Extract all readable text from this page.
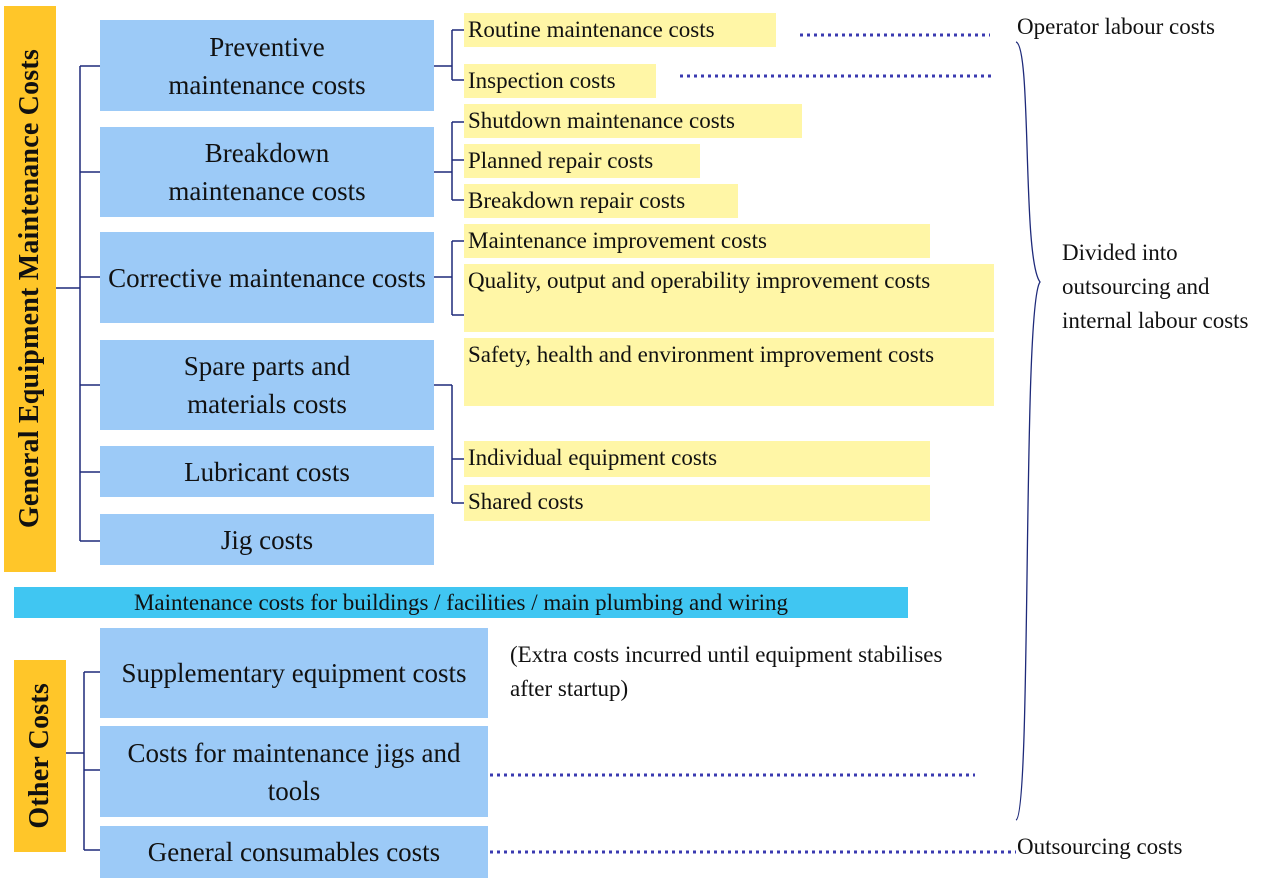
General Equipment Maintenance Costs
Preventive maintenance costs
Breakdown maintenance costs
Corrective maintenance costs
Spare parts and materials costs
Lubricant costs
Jig costs
Routine maintenance costs
Inspection costs
Shutdown maintenance costs
Planned repair costs
Breakdown repair costs
Maintenance improvement costs
Quality, output and operability improvement costs
Safety, health and environment improvement costs
Individual equipment costs
Shared costs
Maintenance costs for buildings / facilities / main plumbing and wiring
Other Costs
Supplementary equipment costs
Costs for maintenance jigs and tools
General consumables costs
(Extra costs incurred until equipment stabilises after startup)
Operator labour costs
Divided into outsourcing and internal labour costs
Outsourcing costs
